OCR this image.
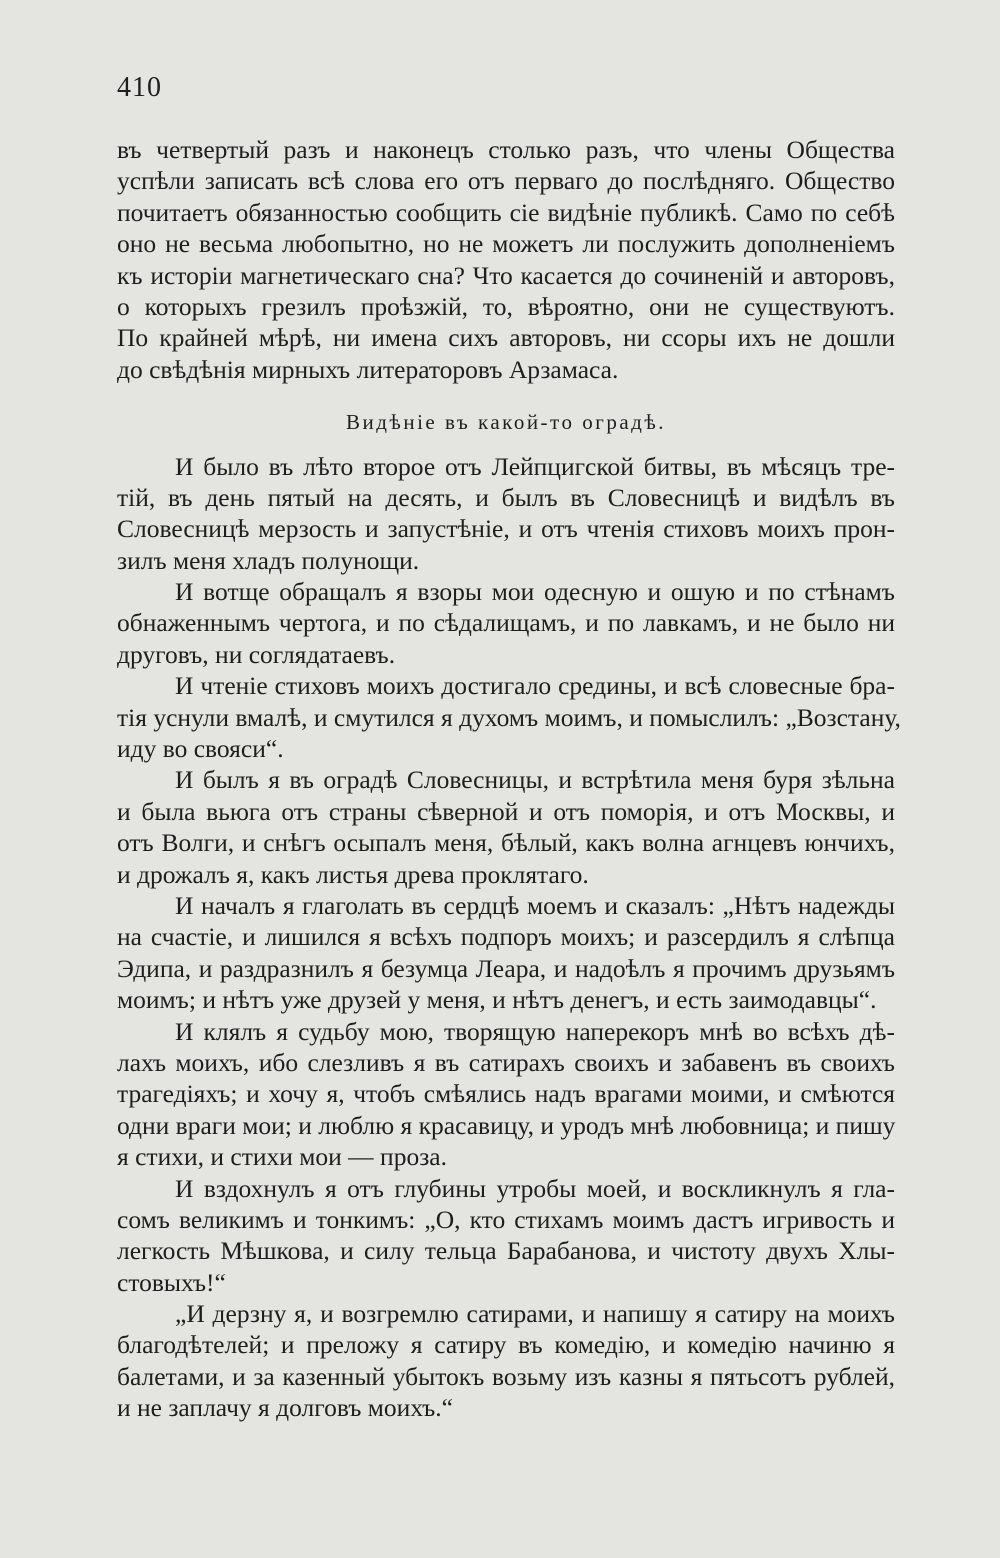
410
въ четвертый разъ и наконецъ столько разъ, что члены Общества
успѣли записать всѣ слова его отъ перваго до послѣдняго. Общество
почитаетъ обязанностью сообщить сіе видѣніе публикѣ. Само по себѣ
оно не весьма любопытно, но не можетъ ли послужить дополненіемъ
къ исторіи магнетическаго сна? Что касается до сочиненій и авторовъ,
о которыхъ грезилъ проѣзжій, то, вѣроятно, они не существуютъ.
По крайней мѣрѣ, ни имена сихъ авторовъ, ни ссоры ихъ не дошли
до свѣдѣнія мирныхъ литераторовъ Арзамаса.
Видѣніе въ какой-то оградѣ.
И было въ лѣто второе отъ Лейпцигской битвы, въ мѣсяцъ тре-
тій, въ день пятый на десять, и былъ въ Словесницѣ и видѣлъ въ
Словесницѣ мерзость и запустѣніе, и отъ чтенія стиховъ моихъ прон-
зилъ меня хладъ полунощи.
И вотще обращалъ я взоры мои одесную и ошую и по стѣнамъ
обнаженнымъ чертога, и по сѣдалищамъ, и по лавкамъ, и не было ни
друговъ, ни соглядатаевъ.
И чтеніе стиховъ моихъ достигало средины, и всѣ словесные бра-
тія уснули вмалѣ, и смутился я духомъ моимъ, и помыслилъ: „Возстану,
иду во свояси“.
И былъ я въ оградѣ Словесницы, и встрѣтила меня буря зѣльна
и была вьюга отъ страны сѣверной и отъ поморія, и отъ Москвы, и
отъ Волги, и снѣгъ осыпалъ меня, бѣлый, какъ волна агнцевъ юнчихъ,
и дрожалъ я, какъ листья древа проклятаго.
И началъ я глаголать въ сердцѣ моемъ и сказалъ: „Нѣтъ надежды
на счастіе, и лишился я всѣхъ подпоръ моихъ; и разсердилъ я слѣпца
Эдипа, и раздразнилъ я безумца Леара, и надоѣлъ я прочимъ друзьямъ
моимъ; и нѣтъ уже друзей у меня, и нѣтъ денегъ, и есть заимодавцы“.
И клялъ я судьбу мою, творящую наперекоръ мнѣ во всѣхъ дѣ-
лахъ моихъ, ибо слезливъ я въ сатирахъ своихъ и забавенъ въ своихъ
трагедіяхъ; и хочу я, чтобъ смѣялись надъ врагами моими, и смѣются
одни враги мои; и люблю я красавицу, и уродъ мнѣ любовница; и пишу
я стихи, и стихи мои — проза.
И вздохнулъ я отъ глубины утробы моей, и воскликнулъ я гла-
сомъ великимъ и тонкимъ: „О, кто стихамъ моимъ дастъ игривость и
легкость Мѣшкова, и силу тельца Барабанова, и чистоту двухъ Хлы-
стовыхъ!“
„И дерзну я, и возгремлю сатирами, и напишу я сатиру на моихъ
благодѣтелей; и преложу я сатиру въ комедію, и комедію начиню я
балетами, и за казенный убытокъ возьму изъ казны я пятьсотъ рублей,
и не заплачу я долговъ моихъ.“
